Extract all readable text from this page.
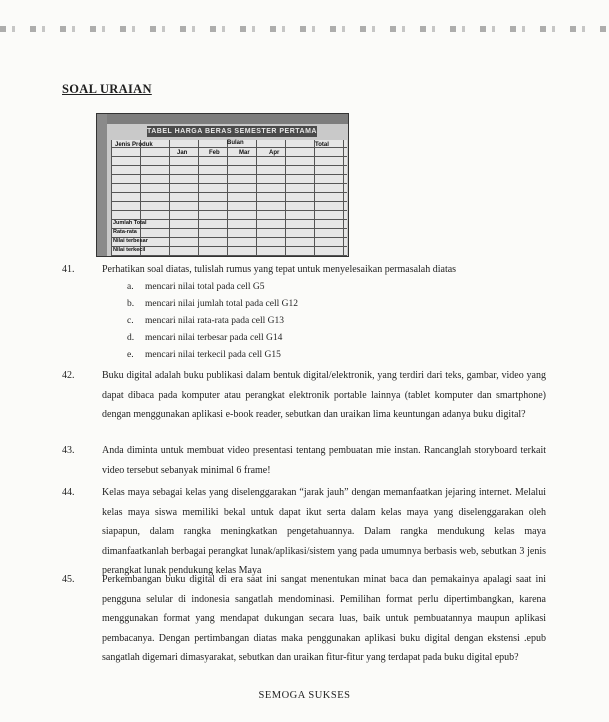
SOAL URAIAN
TABEL HARGA BERAS SEMESTER PERTAMA
Jenis Produk	Bulan	Total
Jan	Feb	Mar	Apr
Jumlah Total
Rata-rata
Nilai terbesar
Nilai terkecil
41.	Perhatikan soal diatas, tulislah rumus yang tepat untuk menyelesaikan permasalah diatas
a. mencari nilai total pada cell G5
b. mencari nilai jumlah total pada cell G12
c. mencari nilai rata-rata pada cell G13
d. mencari nilai terbesar pada cell G14
e. mencari nilai terkecil pada cell G15
42.	Buku digital adalah buku publikasi dalam bentuk digital/elektronik, yang terdiri dari teks, gambar, video yang dapat dibaca pada komputer atau perangkat elektronik portable lainnya (tablet komputer dan smartphone) dengan menggunakan aplikasi e-book reader, sebutkan dan uraikan lima keuntungan adanya buku digital?
43.	Anda diminta untuk membuat video presentasi tentang pembuatan mie instan. Rancanglah storyboard terkait video tersebut sebanyak minimal 6 frame!
44.	Kelas maya sebagai kelas yang diselenggarakan “jarak jauh” dengan memanfaatkan jejaring internet. Melalui kelas maya siswa memiliki bekal untuk dapat ikut serta dalam kelas maya yang diselenggarakan oleh siapapun, dalam rangka meningkatkan pengetahuannya. Dalam rangka mendukung kelas maya dimanfaatkanlah berbagai perangkat lunak/aplikasi/sistem yang pada umumnya berbasis web, sebutkan 3 jenis perangkat lunak pendukung kelas Maya
45.	Perkembangan buku digital di era saat ini sangat menentukan minat baca dan pemakainya apalagi saat ini pengguna selular di indonesia sangatlah mendominasi. Pemilihan format perlu dipertimbangkan, karena menggunakan format yang mendapat dukungan secara luas, baik untuk pembuatannya maupun aplikasi pembacanya. Dengan pertimbangan diatas maka penggunakan aplikasi buku digital dengan ekstensi .epub sangatlah digemari dimasyarakat, sebutkan dan uraikan fitur-fitur yang terdapat pada buku digital epub?
SEMOGA SUKSES
